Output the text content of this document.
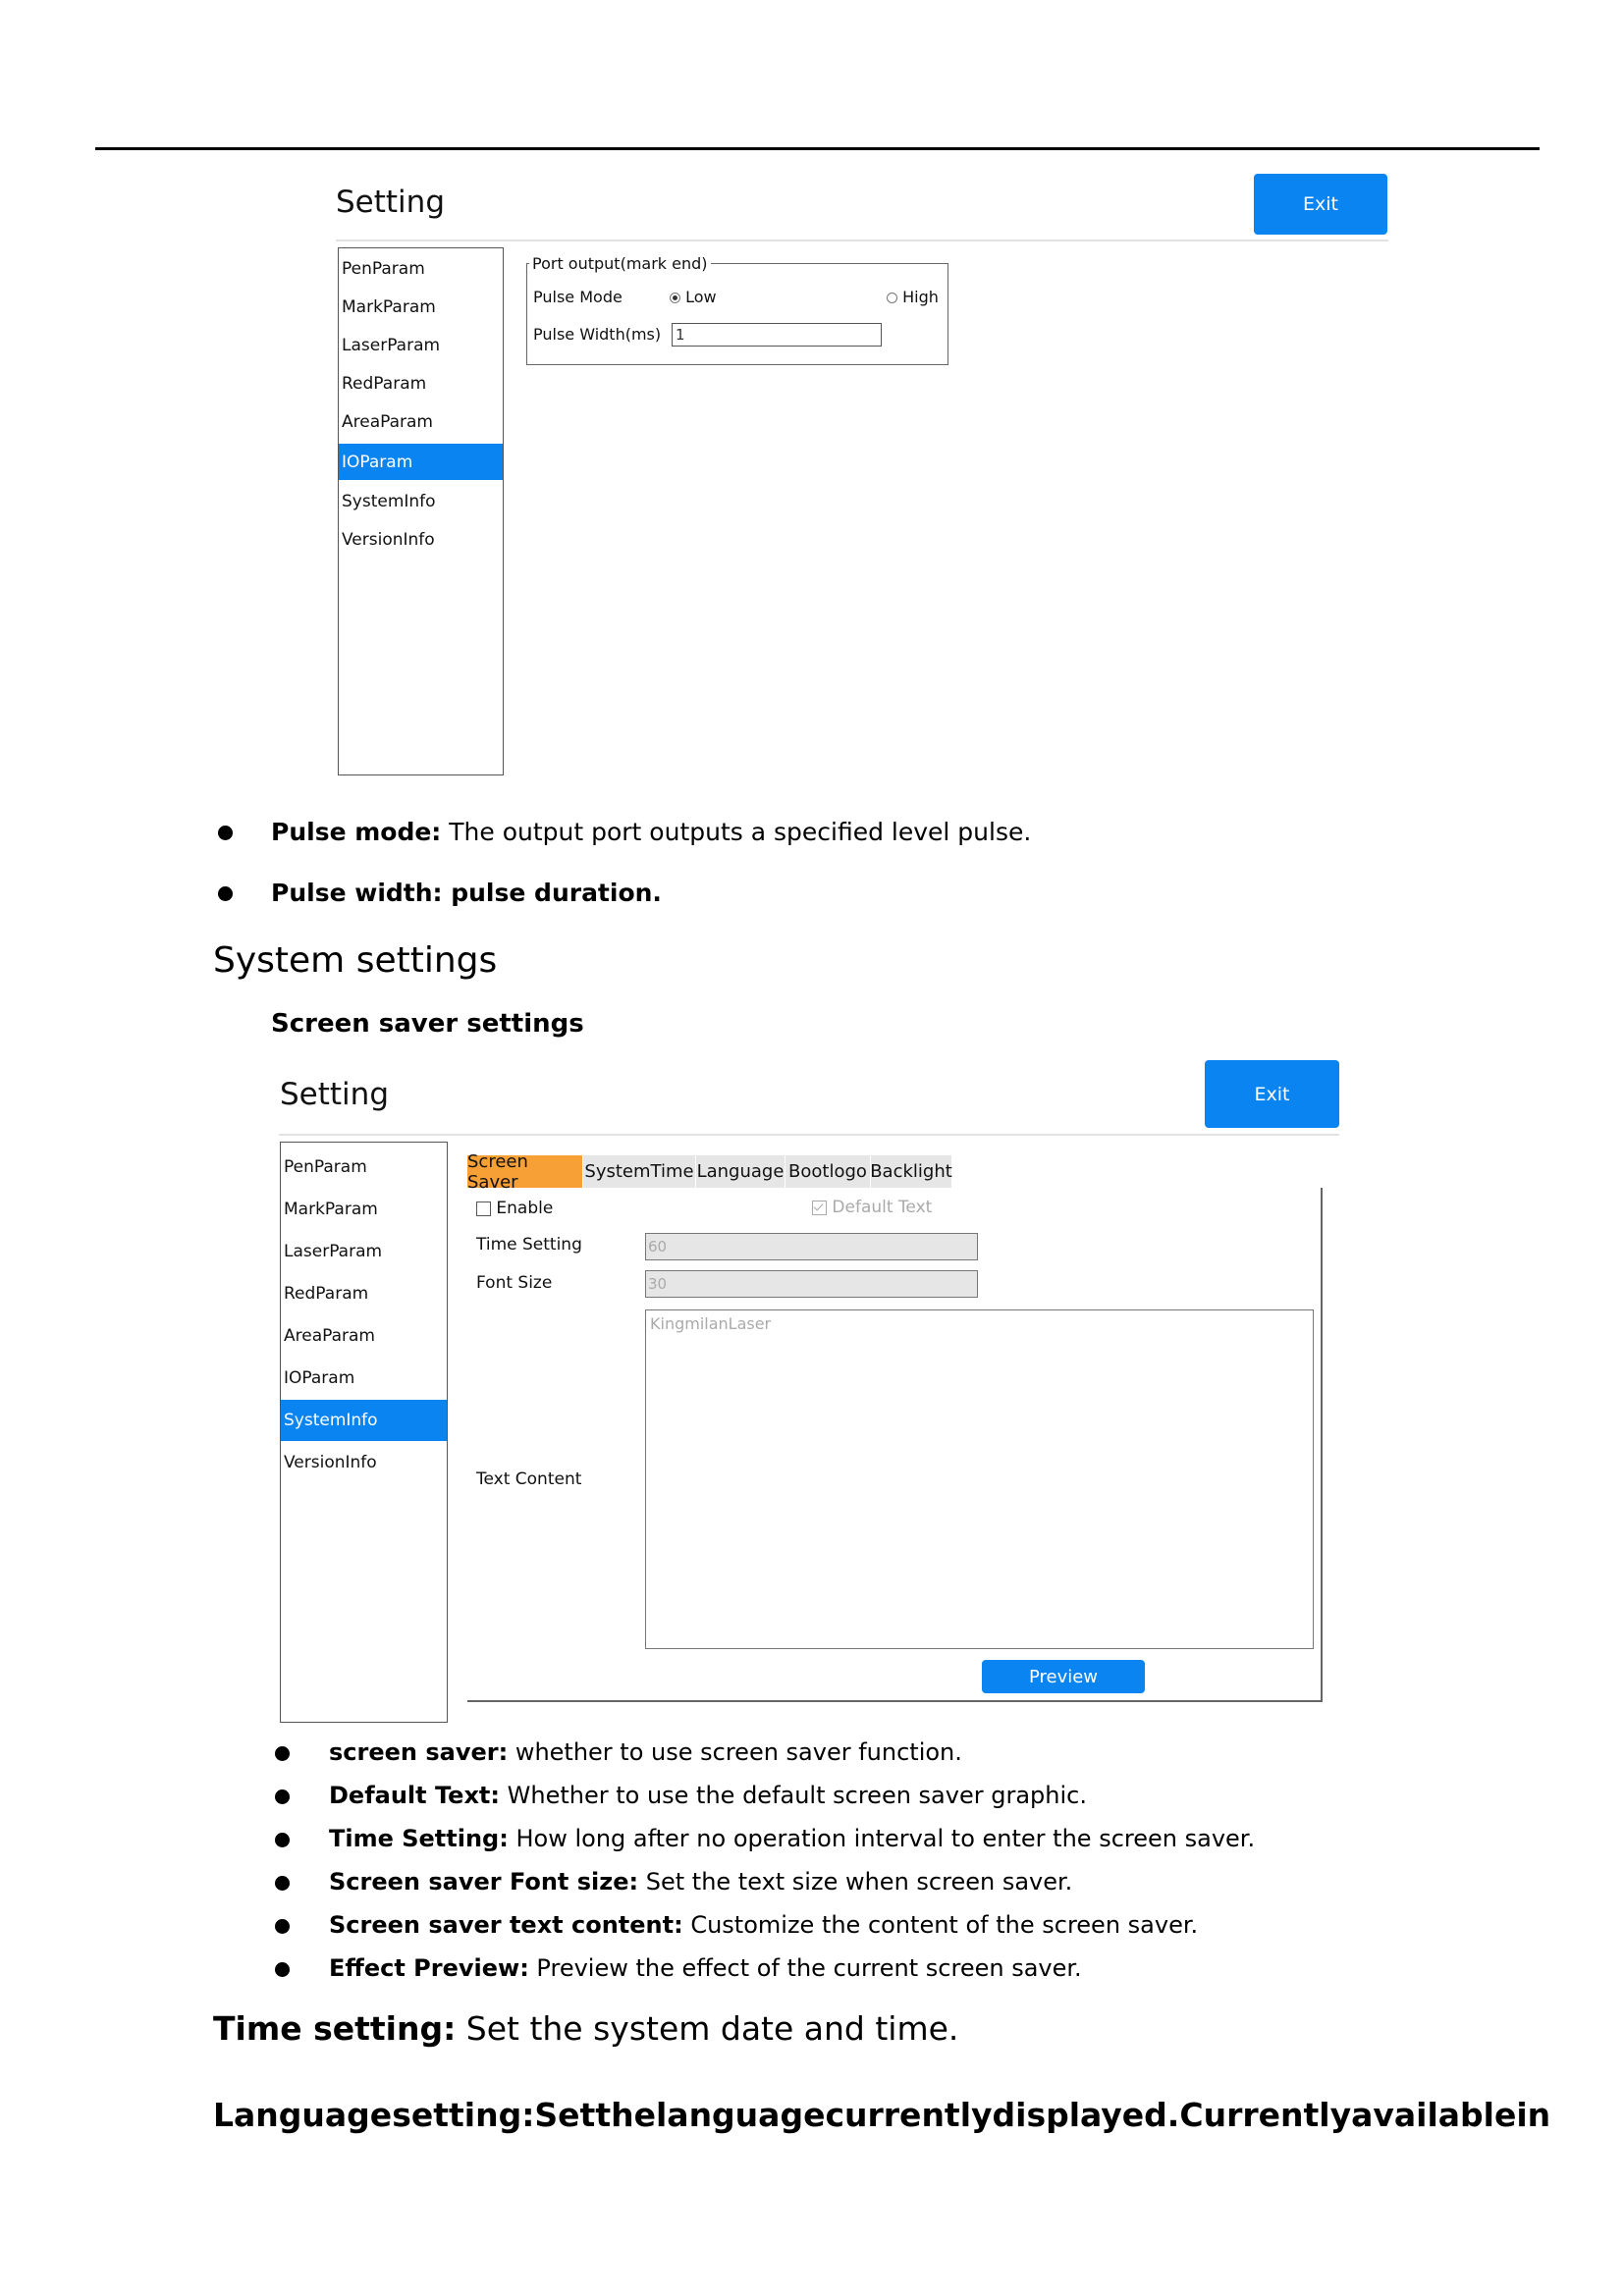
Setting	Exit
PenParam
MarkParam
LaserParam
RedParam
AreaParam
IOParam
SystemInfo
VersionInfo
Port output(mark end)
Pulse Mode	Low	High
Pulse Width(ms) 1
Pulse mode: The output port outputs a specified level pulse.
Pulse width: pulse duration.
System settings
Screen saver settings
Setting	Exit
PenParam
MarkParam
LaserParam
RedParam
AreaParam
IOParam
SystemInfo
VersionInfo
Screen Saver	SystemTime Language Bootlogo Backlight
Enable	Default Text
Time Setting	60
Font Size	30
Text Content
KingmilanLaser
Preview
screen saver: whether to use screen saver function.
Default Text: Whether to use the default screen saver graphic.
Time Setting: How long after no operation interval to enter the screen saver.
Screen saver Font size: Set the text size when screen saver.
Screen saver text content: Customize the content of the screen saver.
Effect Preview: Preview the effect of the current screen saver.
Time setting: Set the system date and time.
Language setting: Set the language currently displayed. Currently available in
